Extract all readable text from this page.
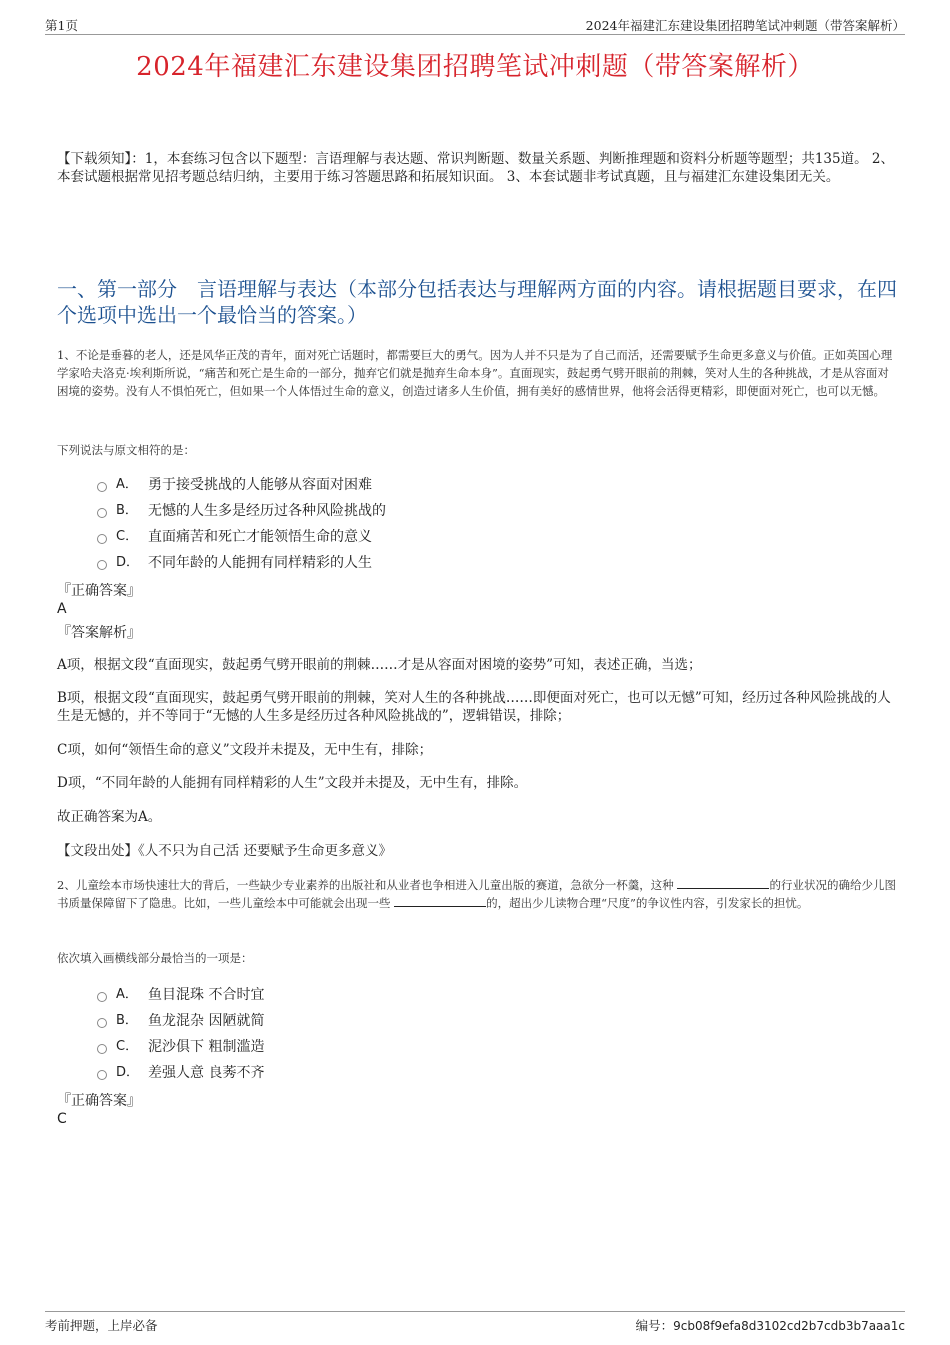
第1页	2024年福建汇东建设集团招聘笔试冲刺题（带答案解析）
2024年福建汇东建设集团招聘笔试冲刺题（带答案解析）
【下载须知】：1，本套练习包含以下题型：言语理解与表达题、常识判断题、数量关系题、判断推理题和资料分析题等题型；共135道。 2、本套试题根据常见招考题总结归纳，主要用于练习答题思路和拓展知识面。 3、本套试题非考试真题，且与福建汇东建设集团无关。
一、第一部分　言语理解与表达（本部分包括表达与理解两方面的内容。请根据题目要求，在四个选项中选出一个最恰当的答案。）
1、不论是垂暮的老人，还是风华正茂的青年，面对死亡话题时，都需要巨大的勇气。因为人并不只是为了自己而活，还需要赋予生命更多意义与价值。正如英国心理学家哈夫洛克·埃利斯所说，“痛苦和死亡是生命的一部分，抛弃它们就是抛弃生命本身”。直面现实，鼓起勇气劈开眼前的荆棘，笑对人生的各种挑战，才是从容面对困境的姿势。没有人不惧怕死亡，但如果一个人体悟过生命的意义，创造过诸多人生价值，拥有美好的感情世界，他将会活得更精彩，即便面对死亡，也可以无憾。
下列说法与原文相符的是：
A． 勇于接受挑战的人能够从容面对困难
B． 无憾的人生多是经历过各种风险挑战的
C． 直面痛苦和死亡才能领悟生命的意义
D． 不同年龄的人能拥有同样精彩的人生
『正确答案』
A
『答案解析』
A项，根据文段“直面现实，鼓起勇气劈开眼前的荆棘……才是从容面对困境的姿势”可知，表述正确，当选；
B项，根据文段“直面现实，鼓起勇气劈开眼前的荆棘，笑对人生的各种挑战……即便面对死亡，也可以无憾”可知，经历过各种风险挑战的人生是无憾的，并不等同于“无憾的人生多是经历过各种风险挑战的”，逻辑错误，排除；
C项，如何“领悟生命的意义”文段并未提及，无中生有，排除；
D项，“不同年龄的人能拥有同样精彩的人生”文段并未提及，无中生有，排除。
故正确答案为A。
【文段出处】《人不只为自己活 还要赋予生命更多意义》
2、儿童绘本市场快速壮大的背后，一些缺少专业素养的出版社和从业者也争相进入儿童出版的赛道，急欲分一杯羹，这种	的行业状况的确给少儿图书质量保障留下了隐患。比如，一些儿童绘本中可能就会出现一些	的，超出少儿读物合理“尺度”的争议性内容，引发家长的担忧。
依次填入画横线部分最恰当的一项是：
A． 鱼目混珠 不合时宜
B． 鱼龙混杂 因陋就简
C． 泥沙俱下 粗制滥造
D． 差强人意 良莠不齐
『正确答案』
C
考前押题，上岸必备	编号：9cb08f9efa8d3102cd2b7cdb3b7aaa1c
